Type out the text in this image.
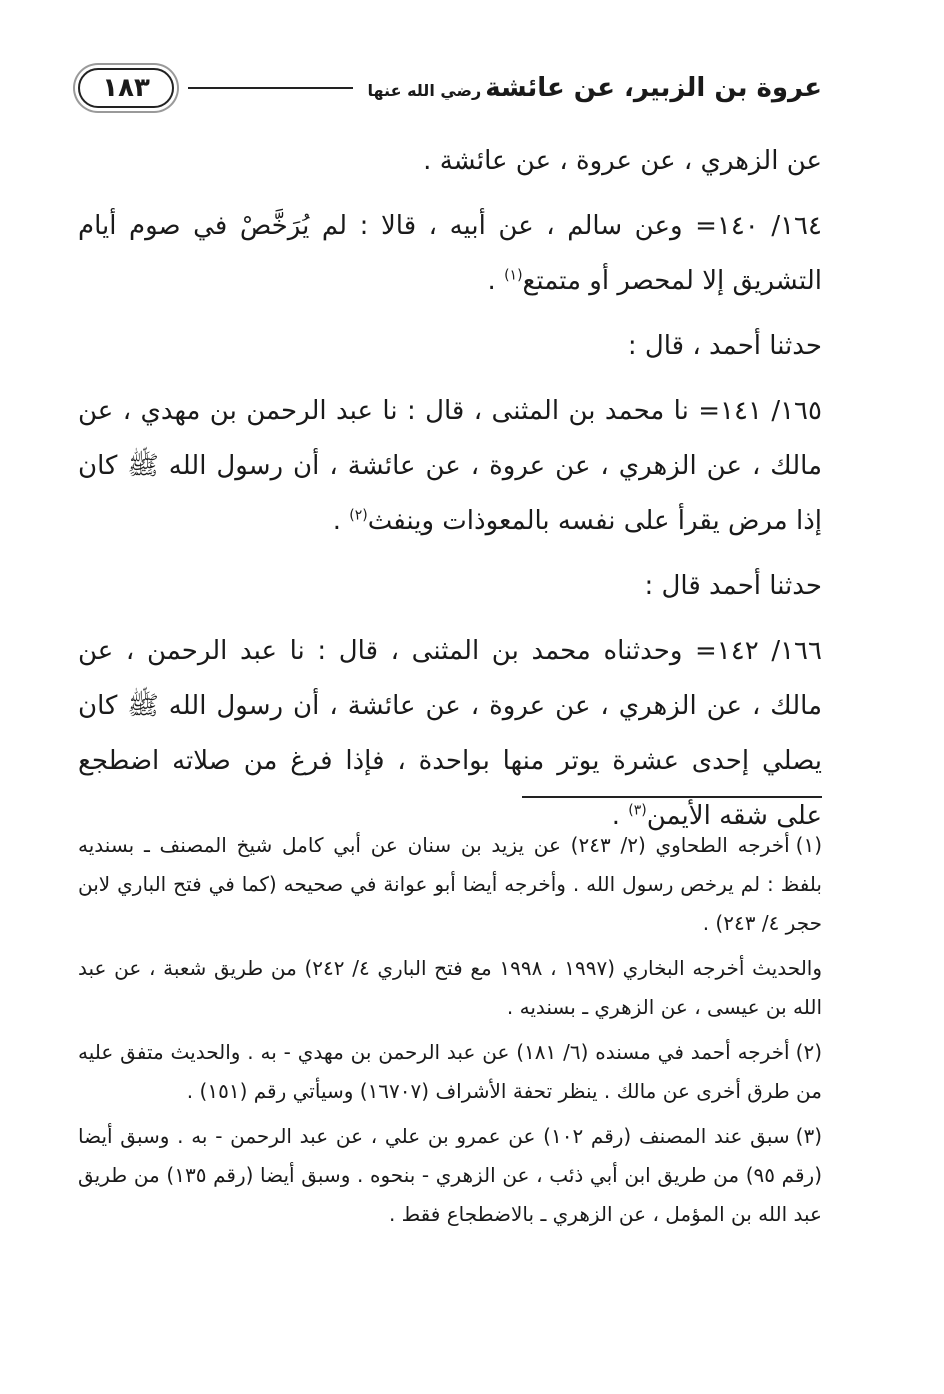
عروة بن الزبير، عن عائشةرضي الله عنها
١٨٣

عن الزهري ، عن عروة ، عن عائشة .

١٦٤/ ١٤٠= وعن سالم ، عن أبيه ، قالا : لم يُرَخَّصْ في صوم أيام التشريق إلا لمحصر أو متمتع$^{(١)}$ .

حدثنا أحمد ، قال :

١٦٥/ ١٤١= نا محمد بن المثنى ، قال : نا عبد الرحمن بن مهدي ، عن مالك ، عن الزهري ، عن عروة ، عن عائشة ، أن رسول الله ﷺ كان إذا مرض يقرأ على نفسه بالمعوذات وينفث$^{(٢)}$ .

حدثنا أحمد قال :

١٦٦/ ١٤٢= وحدثناه محمد بن المثنى ، قال : نا عبد الرحمن ، عن مالك ، عن الزهري ، عن عروة ، عن عائشة ، أن رسول الله ﷺ كان يصلي إحدى عشرة يوتر منها بواحدة ، فإذا فرغ من صلاته اضطجع على شقه الأيمن$^{(٣)}$ .

(١)أخرجه الطحاوي (٢/ ٢٤٣) عن يزيد بن سنان عن أبي كامل شيخ المصنف ـ بسنديه بلفظ : لم يرخص رسول الله . وأخرجه أيضا أبو عوانة في صحيحه (كما في فتح الباري لابن حجر ٤/ ٢٤٣) .

والحديث أخرجه البخاري (١٩٩٧ ، ١٩٩٨ مع فتح الباري ٤/ ٢٤٢) من طريق شعبة ، عن عبد الله بن عيسى ، عن الزهري ـ بسنديه .

(٢)أخرجه أحمد في مسنده (٦/ ١٨١) عن عبد الرحمن بن مهدي - به . والحديث متفق عليه من طرق أخرى عن مالك . ينظر تحفة الأشراف (١٦٧٠٧) وسيأتي رقم (١٥١) .

(٣)سبق عند المصنف (رقم ١٠٢) عن عمرو بن علي ، عن عبد الرحمن - به . وسبق أيضا (رقم ٩٥) من طريق ابن أبي ذئب ، عن الزهري - بنحوه . وسبق أيضا (رقم ١٣٥) من طريق عبد الله بن المؤمل ، عن الزهري ـ بالاضطجاع فقط .
